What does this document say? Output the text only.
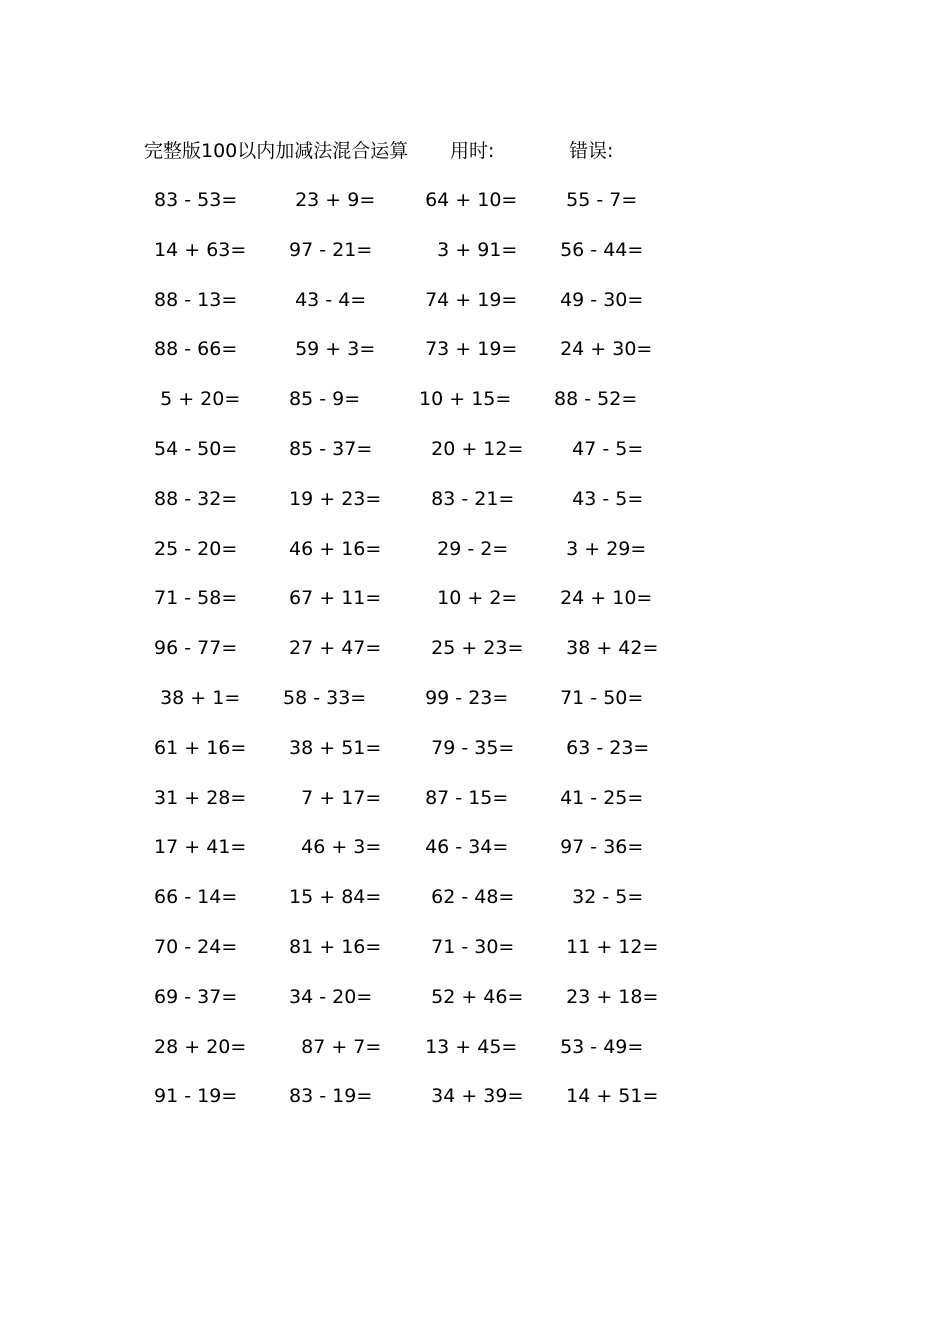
完整版100以内加减法混合运算 用时:	错误:
83 - 53=	23 + 9=	64 + 10=	55 - 7=
14 + 63=	97 - 21=	3 + 91=	56 - 44=
88 - 13=	43 - 4=	74 + 19=	49 - 30=
88 - 66=	59 + 3=	73 + 19=	24 + 30=
5 + 20=	85 - 9=	10 + 15=	88 - 52=
54 - 50=	85 - 37=	20 + 12=	47 - 5=
88 - 32=	19 + 23=	83 - 21=	43 - 5=
25 - 20=	46 + 16=	29 - 2=	3 + 29=
71 - 58=	67 + 11=	10 + 2=	24 + 10=
96 - 77=	27 + 47=	25 + 23=	38 + 42=
38 + 1=	58 - 33=	99 - 23=	71 - 50=
61 + 16=	38 + 51=	79 - 35=	63 - 23=
31 + 28=	7 + 17=	87 - 15=	41 - 25=
17 + 41=	46 + 3=	46 - 34=	97 - 36=
66 - 14=	15 + 84=	62 - 48=	32 - 5=
70 - 24=	81 + 16=	71 - 30=	11 + 12=
69 - 37=	34 - 20=	52 + 46=	23 + 18=
28 + 20=	87 + 7=	13 + 45=	53 - 49=
91 - 19=	83 - 19=	34 + 39=	14 + 51=
